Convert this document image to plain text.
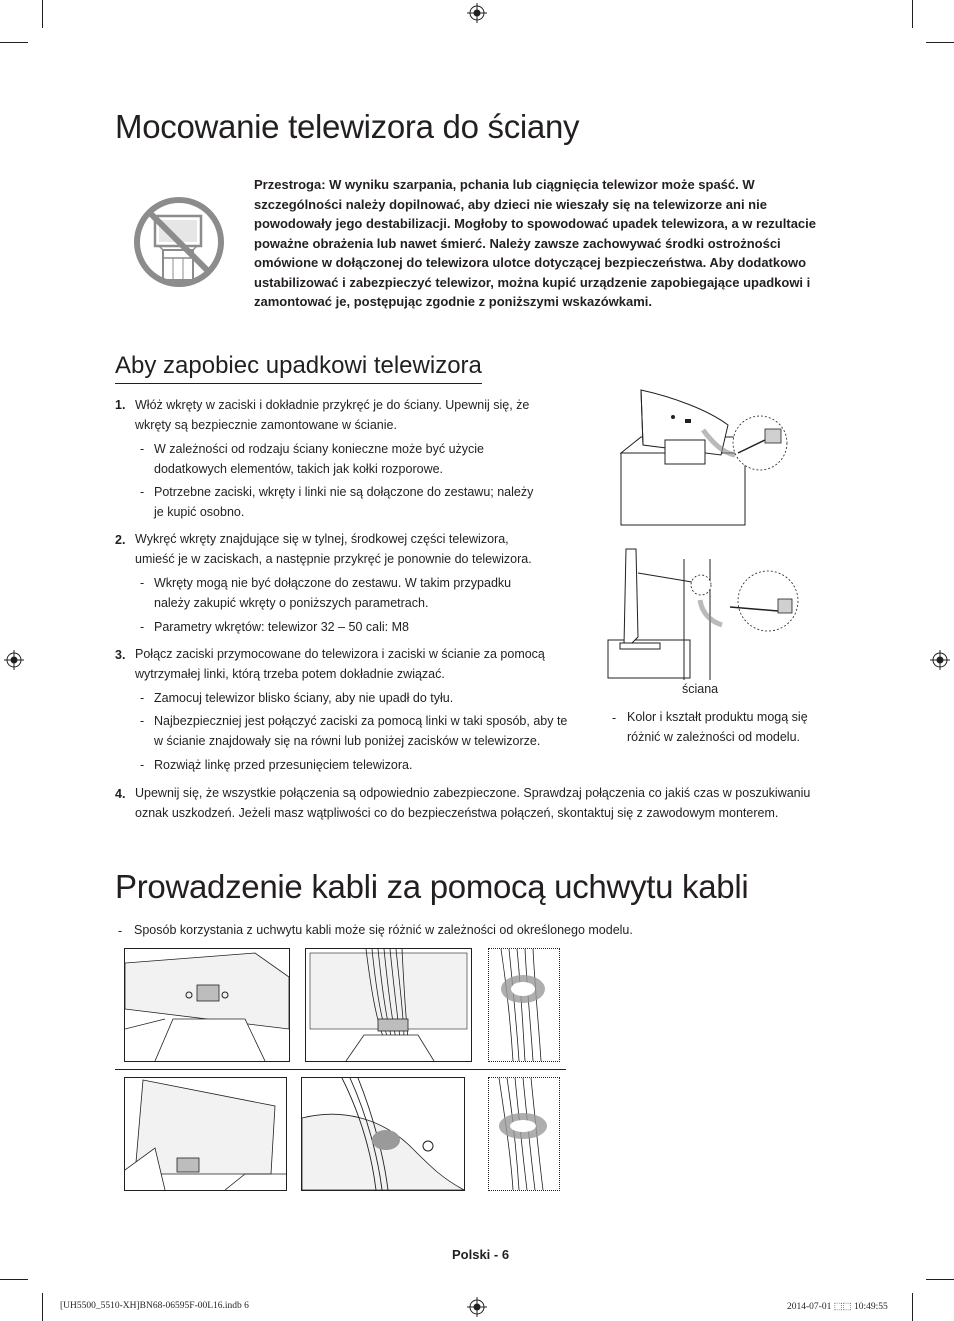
Mocowanie telewizora do ściany
Przestroga: W wyniku szarpania, pchania lub ciągnięcia telewizor może spaść. W szczególności należy dopilnować, aby dzieci nie wieszały się na telewizorze ani nie powodowały jego destabilizacji. Mogłoby to spowodować upadek telewizora, a w rezultacie poważne obrażenia lub nawet śmierć. Należy zawsze zachowywać środki ostrożności omówione w dołączonej do telewizora ulotce dotyczącej bezpieczeństwa. Aby dodatkowo ustabilizować i zabezpieczyć telewizor, można kupić urządzenie zapobiegające upadkowi i zamontować je, postępując zgodnie z poniższymi wskazówkami.
Aby zapobiec upadkowi telewizora
1. Włóż wkręty w zaciski i dokładnie przykręć je do ściany. Upewnij się, że
wkręty są bezpiecznie zamontowane w ścianie.
- W zależności od rodzaju ściany konieczne może być użycie
dodatkowych elementów, takich jak kołki rozporowe.
- Potrzebne zaciski, wkręty i linki nie są dołączone do zestawu; należy
je kupić osobno.
2. Wykręć wkręty znajdujące się w tylnej, środkowej części telewizora,
umieść je w zaciskach, a następnie przykręć je ponownie do telewizora.
- Wkręty mogą nie być dołączone do zestawu. W takim przypadku
należy zakupić wkręty o poniższych parametrach.
- Parametry wkrętów: telewizor 32 – 50 cali: M8
3. Połącz zaciski przymocowane do telewizora i zaciski w ścianie za pomocą
wytrzymałej linki, którą trzeba potem dokładnie związać.
- Zamocuj telewizor blisko ściany, aby nie upadł do tyłu.
- Najbezpieczniej jest połączyć zaciski za pomocą linki w taki sposób, aby te
w ścianie znajdowały się na równi lub poniżej zacisków w telewizorze.
- Rozwiąż linkę przed przesunięciem telewizora.
4. Upewnij się, że wszystkie połączenia są odpowiednio zabezpieczone. Sprawdzaj połączenia co jakiś czas w poszukiwaniu
oznak uszkodzeń. Jeżeli masz wątpliwości co do bezpieczeństwa połączeń, skontaktuj się z zawodowym monterem.
ściana
- Kolor i kształt produktu mogą się
różnić w zależności od modelu.
Prowadzenie kabli za pomocą uchwytu kabli
- Sposób korzystania z uchwytu kabli może się różnić w zależności od określonego modelu.
Polski - 6
[UH5500_5510-XH]BN68-06595F-00L16.indb 6	2014-07-01 ⬚⬚ 10:49:55
